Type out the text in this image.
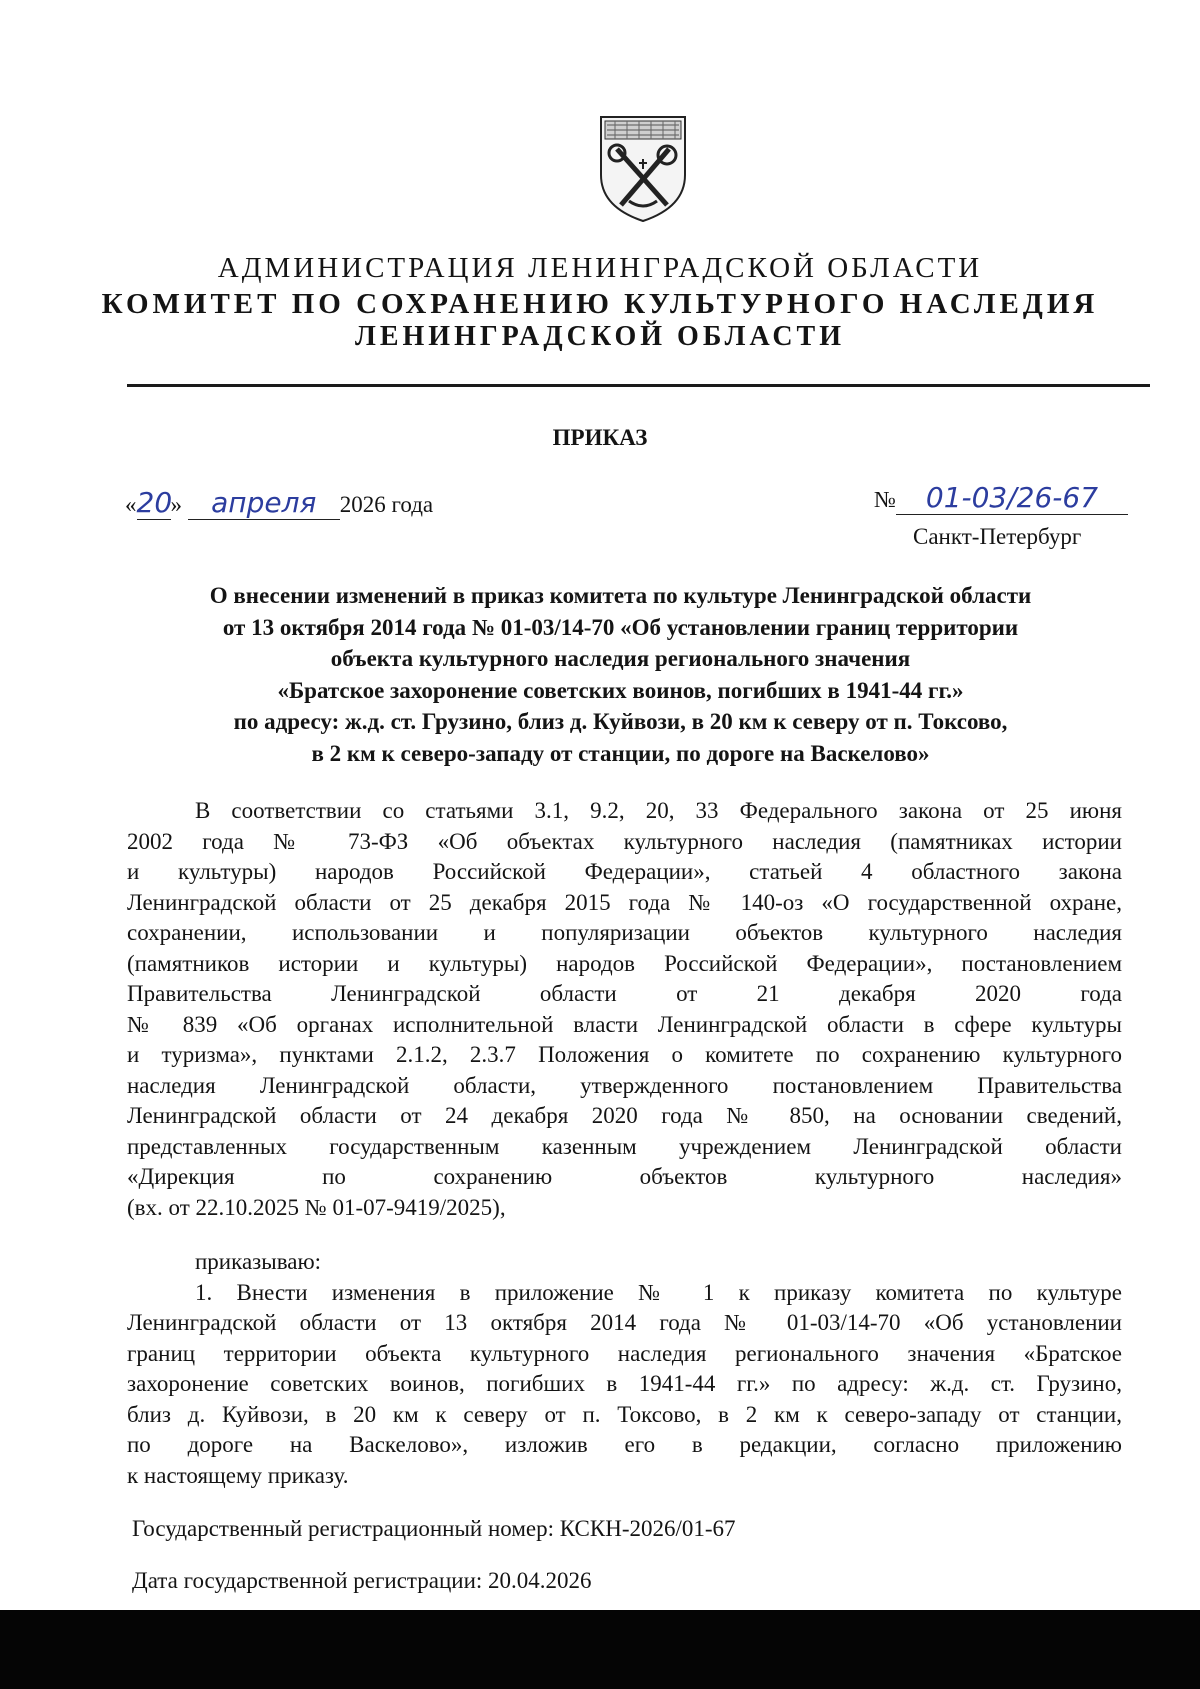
АДМИНИСТРАЦИЯ ЛЕНИНГРАДСКОЙ ОБЛАСТИ
КОМИТЕТ ПО СОХРАНЕНИЮ КУЛЬТУРНОГО НАСЛЕДИЯ
ЛЕНИНГРАДСКОЙ ОБЛАСТИ
ПРИКАЗ
«20» апреля 2026 года	№ 01-03/26-67
Санкт-Петербург
О внесении изменений в приказ комитета по культуре Ленинградской области
от 13 октября 2014 года № 01-03/14-70 «Об установлении границ территории
объекта культурного наследия регионального значения
«Братское захоронение советских воинов, погибших в 1941-44 гг.»
по адресу: ж.д. ст. Грузино, близ д. Куйвози, в 20 км к северу от п. Токсово,
в 2 км к северо-западу от станции, по дороге на Васкелово»
В соответствии со статьями 3.1, 9.2, 20, 33 Федерального закона от 25 июня
2002 года № 73-ФЗ «Об объектах культурного наследия (памятниках истории
и культуры) народов Российской Федерации», статьей 4 областного закона
Ленинградской области от 25 декабря 2015 года № 140-оз «О государственной охране,
сохранении, использовании и популяризации объектов культурного наследия
(памятников истории и культуры) народов Российской Федерации», постановлением
Правительства Ленинградской области от 21 декабря 2020 года
№ 839 «Об органах исполнительной власти Ленинградской области в сфере культуры
и туризма», пунктами 2.1.2, 2.3.7 Положения о комитете по сохранению культурного
наследия Ленинградской области, утвержденного постановлением Правительства
Ленинградской области от 24 декабря 2020 года № 850, на основании сведений,
представленных государственным казенным учреждением Ленинградской области
«Дирекция по сохранению объектов культурного наследия»
(вх. от 22.10.2025 № 01-07-9419/2025),
приказываю:
1. Внести изменения в приложение № 1 к приказу комитета по культуре
Ленинградской области от 13 октября 2014 года № 01-03/14-70 «Об установлении
границ территории объекта культурного наследия регионального значения «Братское
захоронение советских воинов, погибших в 1941-44 гг.» по адресу: ж.д. ст. Грузино,
близ д. Куйвози, в 20 км к северу от п. Токсово, в 2 км к северо-западу от станции,
по дороге на Васкелово», изложив его в редакции, согласно приложению
к настоящему приказу.
Государственный регистрационный номер: КСКН-2026/01-67
Дата государственной регистрации: 20.04.2026
